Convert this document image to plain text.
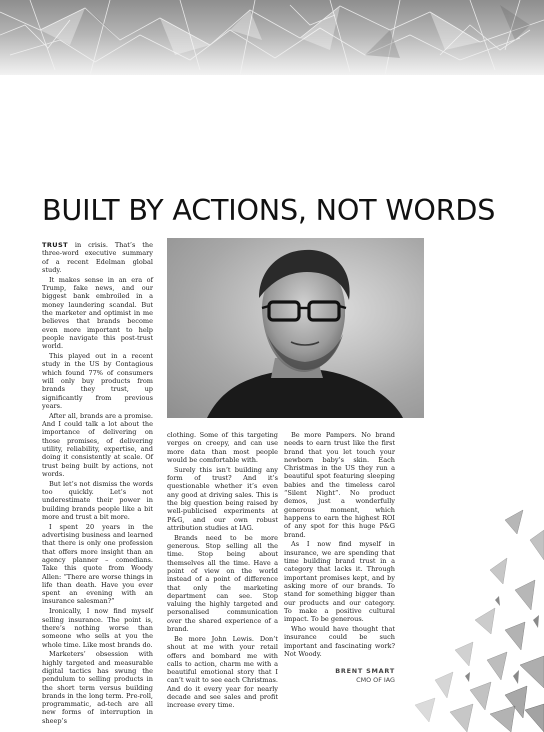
BUILT BY ACTIONS, NOT WORDS

TRUST in crisis. That’s the three-word executive summary of a recent Edelman global study.

It makes sense in an era of Trump, fake news, and our biggest bank embroiled in a money laundering scandal. But the marketer and optimist in me believes that brands become even more important to help people navigate this post-trust world.

This played out in a recent study in the US by Contagious which found 77% of consumers will only buy products from brands they trust, up significantly from previous years.

After all, brands are a promise. And I could talk a lot about the importance of delivering on those promises, of delivering utility, reliability, expertise, and doing it consistently at scale. Of trust being built by actions, not words.

But let’s not dismiss the words too quickly. Let’s not underestimate their power in building brands people like a bit more and trust a bit more.

I spent 20 years in the advertising business and learned that there is only one profession that offers more insight than an agency planner – comedians. Take this quote from Woody Allen: “There are worse things in life than death. Have you ever spent an evening with an insurance salesman?”

Ironically, I now find myself selling insurance. The point is, there’s nothing worse than someone who sells at you the whole time. Like most brands do.

Marketers’ obsession with highly targeted and measurable digital tactics has swung the pendulum to selling products in the short term versus building brands in the long term. Pre-roll, programmatic, ad-tech are all new forms of interruption in sheep’s

clothing. Some of this targeting verges on creepy, and can use more data than most people would be comfortable with.

Surely this isn’t building any form of trust? And it’s questionable whether it’s even any good at driving sales. This is the big question being raised by well-publicised experiments at P&G, and our own robust attribution studies at IAG.

Brands need to be more generous. Stop selling all the time. Stop being about themselves all the time. Have a point of view on the world instead of a point of difference that only the marketing department can see. Stop valuing the highly targeted and personalised communication over the shared experience of a brand.

Be more John Lewis. Don’t shout at me with your retail offers and bombard me with calls to action, charm me with a beautiful emotional story that I can’t wait to see each Christmas. And do it every year for nearly decade and see sales and profit increase every time.

Be more Pampers. No brand needs to earn trust like the first brand that you let touch your newborn baby’s skin. Each Christmas in the US they run a beautiful spot featuring sleeping babies and the timeless carol “Silent Night”. No product demos, just a wonderfully generous moment, which happens to earn the highest ROI of any spot for this huge P&G brand.

As I now find myself in insurance, we are spending that time building brand trust in a category that lacks it. Through important promises kept, and by asking more of our brands. To stand for something bigger than our products and our category. To make a positive cultural impact. To be generous.

Who would have thought that insurance could be such important and fascinating work? Not Woody.

BRENT SMART
CMO OF IAG
